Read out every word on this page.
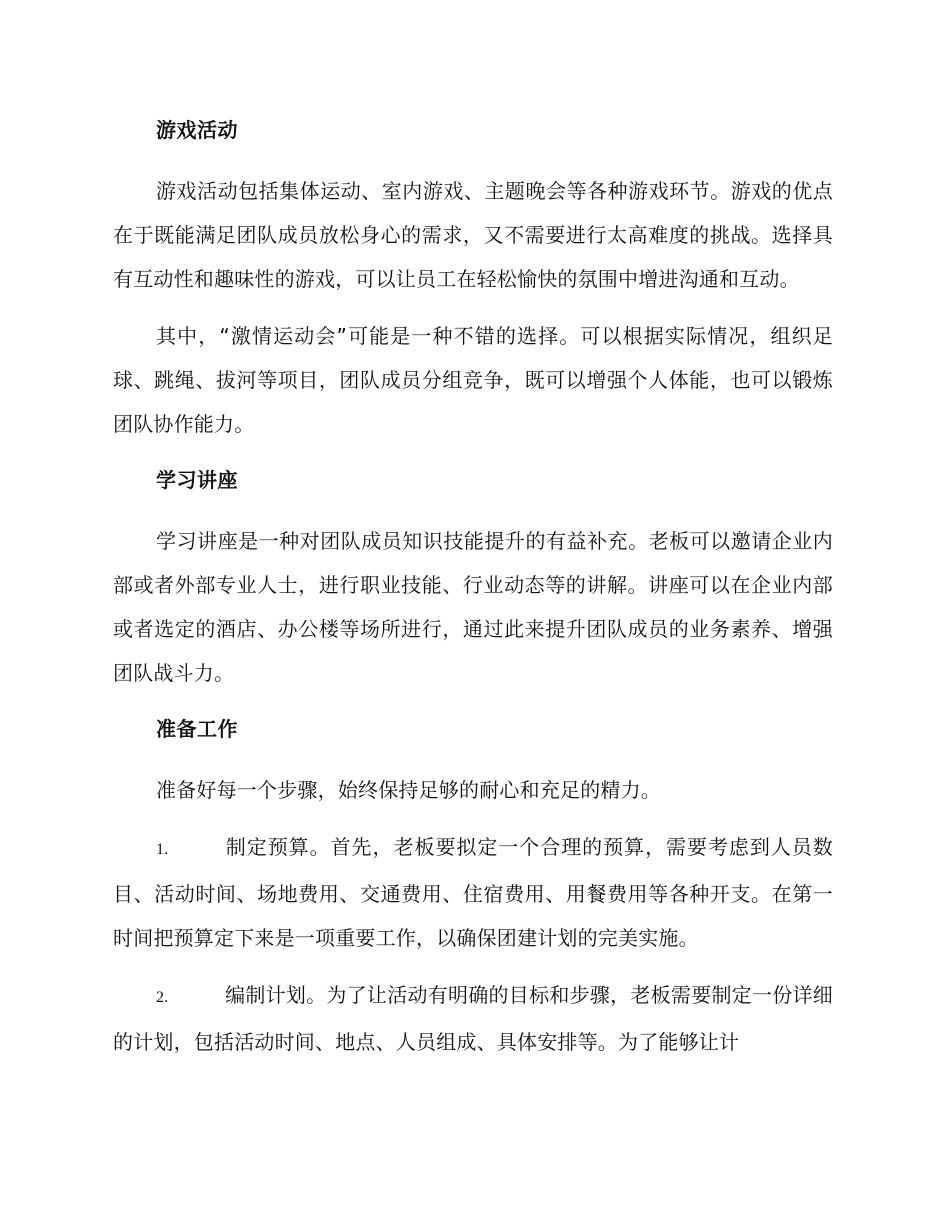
游戏活动

游戏活动包括集体运动、室内游戏、主题晚会等各种游戏环节。游戏的优点在于既能满足团队成员放松身心的需求，又不需要进行太高难度的挑战。选择具有互动性和趣味性的游戏，可以让员工在轻松愉快的氛围中增进沟通和互动。

其中，“激情运动会”可能是一种不错的选择。可以根据实际情况，组织足球、跳绳、拔河等项目，团队成员分组竞争，既可以增强个人体能，也可以锻炼团队协作能力。

学习讲座

学习讲座是一种对团队成员知识技能提升的有益补充。老板可以邀请企业内部或者外部专业人士，进行职业技能、行业动态等的讲解。讲座可以在企业内部或者选定的酒店、办公楼等场所进行，通过此来提升团队成员的业务素养、增强团队战斗力。

准备工作

准备好每一个步骤，始终保持足够的耐心和充足的精力。

1.	制定预算。首先，老板要拟定一个合理的预算，需要考虑到人员数目、活动时间、场地费用、交通费用、住宿费用、用餐费用等各种开支。在第一时间把预算定下来是一项重要工作，以确保团建计划的完美实施。

2.	编制计划。为了让活动有明确的目标和步骤，老板需要制定一份详细的计划，包括活动时间、地点、人员组成、具体安排等。为了能够让计
